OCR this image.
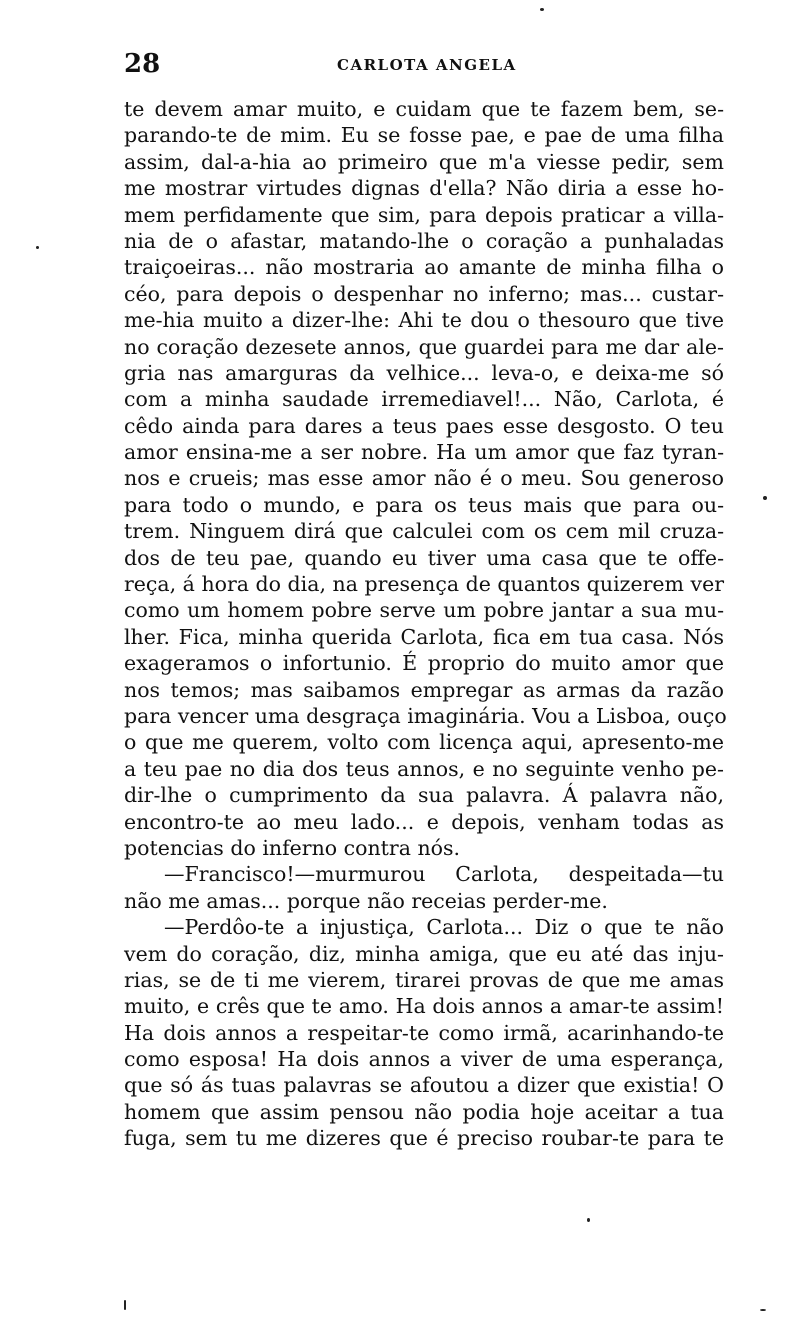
28	CARLOTA ANGELA
te devem amar muito, e cuidam que te fazem bem, se-
parando-te de mim. Eu se fosse pae, e pae de uma filha
assim, dal-a-hia ao primeiro que m'a viesse pedir, sem
me mostrar virtudes dignas d'ella? Não diria a esse ho-
mem perfidamente que sim, para depois praticar a villa-
nia de o afastar, matando-lhe o coração a punhaladas
traiçoeiras... não mostraria ao amante de minha filha o
céo, para depois o despenhar no inferno; mas... custar-
me-hia muito a dizer-lhe: Ahi te dou o thesouro que tive
no coração dezesete annos, que guardei para me dar ale-
gria nas amarguras da velhice... leva-o, e deixa-me só
com a minha saudade irremediavel!... Não, Carlota, é
cêdo ainda para dares a teus paes esse desgosto. O teu
amor ensina-me a ser nobre. Ha um amor que faz tyran-
nos e crueis; mas esse amor não é o meu. Sou generoso
para todo o mundo, e para os teus mais que para ou-
trem. Ninguem dirá que calculei com os cem mil cruza-
dos de teu pae, quando eu tiver uma casa que te offe-
reça, á hora do dia, na presença de quantos quizerem ver
como um homem pobre serve um pobre jantar a sua mu-
lher. Fica, minha querida Carlota, fica em tua casa. Nós
exageramos o infortunio. É proprio do muito amor que
nos temos; mas saibamos empregar as armas da razão
para vencer uma desgraça imaginária. Vou a Lisboa, ouço
o que me querem, volto com licença aqui, apresento-me
a teu pae no dia dos teus annos, e no seguinte venho pe-
dir-lhe o cumprimento da sua palavra. Á palavra não,
encontro-te ao meu lado... e depois, venham todas as
potencias do inferno contra nós.
—Francisco!—murmurou Carlota, despeitada—tu
não me amas... porque não receias perder-me.
—Perdôo-te a injustiça, Carlota... Diz o que te não
vem do coração, diz, minha amiga, que eu até das inju-
rias, se de ti me vierem, tirarei provas de que me amas
muito, e crês que te amo. Ha dois annos a amar-te assim!
Ha dois annos a respeitar-te como irmã, acarinhando-te
como esposa! Ha dois annos a viver de uma esperança,
que só ás tuas palavras se afoutou a dizer que existia! O
homem que assim pensou não podia hoje aceitar a tua
fuga, sem tu me dizeres que é preciso roubar-te para te
